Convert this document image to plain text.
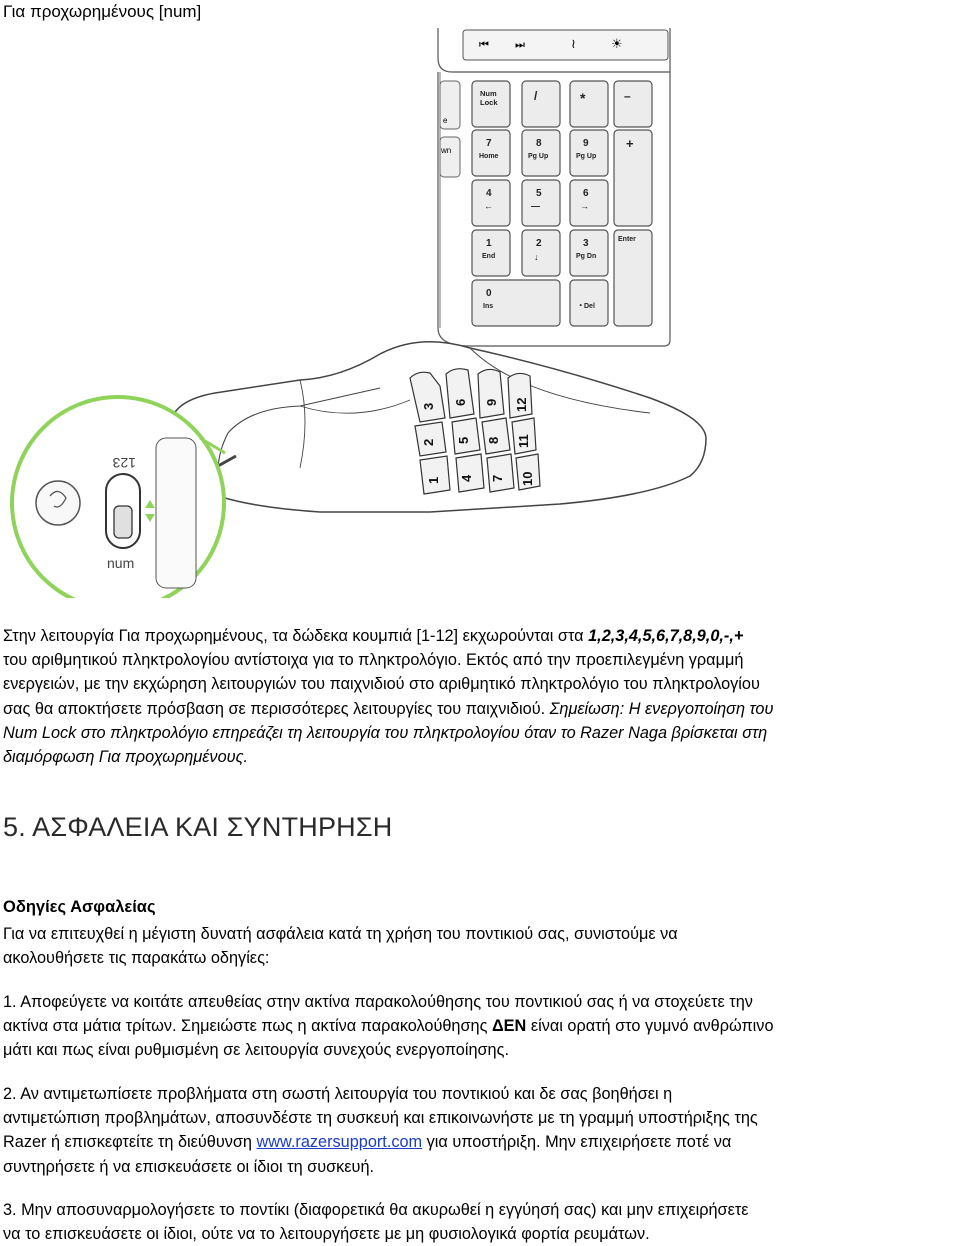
Για προχωρημένους [num]
⏮ ⏭	≀	☀
e
wn
Num
Lock	/	*	–
7
Home
8
Pg Up
9
Pg Up
+
4
←
5
—
6
→
1
End
2
↓
3
Pg Dn
Enter
0
Ins	. Del
1
2
3
4
5
6
7
8
9
10
11
12
123
num

Στην λειτουργία Για προχωρημένους, τα δώδεκα κουμπιά [1-12] εκχωρούνται στα 1,2,3,4,5,6,7,8,9,0,-,+
του αριθμητικού πληκτρολογίου αντίστοιχα για το πληκτρολόγιο. Εκτός από την προεπιλεγμένη γραμμή
ενεργειών, με την εκχώρηση λειτουργιών του παιχνιδιού στο αριθμητικό πληκτρολόγιο του πληκτρολογίου
σας θα αποκτήσετε πρόσβαση σε περισσότερες λειτουργίες του παιχνιδιού. Σημείωση: Η ενεργοποίηση του
Num Lock στο πληκτρολόγιο επηρεάζει τη λειτουργία του πληκτρολογίου όταν το Razer Naga βρίσκεται στη
διαμόρφωση Για προχωρημένους.

5. ΑΣΦΑΛΕΙΑ ΚΑΙ ΣΥΝΤΗΡΗΣΗ
Οδηγίες Ασφαλείας

Για να επιτευχθεί η μέγιστη δυνατή ασφάλεια κατά τη χρήση του ποντικιού σας, συνιστούμε να
ακολουθήσετε τις παρακάτω οδηγίες:

1. Αποφεύγετε να κοιτάτε απευθείας στην ακτίνα παρακολούθησης του ποντικιού σας ή να στοχεύετε την
ακτίνα στα μάτια τρίτων. Σημειώστε πως η ακτίνα παρακολούθησης ΔΕΝ είναι ορατή στο γυμνό ανθρώπινο
μάτι και πως είναι ρυθμισμένη σε λειτουργία συνεχούς ενεργοποίησης.

2. Αν αντιμετωπίσετε προβλήματα στη σωστή λειτουργία του ποντικιού και δε σας βοηθήσει η
αντιμετώπιση προβλημάτων, αποσυνδέστε τη συσκευή και επικοινωνήστε με τη γραμμή υποστήριξης της
Razer ή επισκεφτείτε τη διεύθυνση www.razersupport.com για υποστήριξη. Μην επιχειρήσετε ποτέ να
συντηρήσετε ή να επισκευάσετε οι ίδιοι τη συσκευή.

3. Μην αποσυναρμολογήσετε το ποντίκι (διαφορετικά θα ακυρωθεί η εγγύησή σας) και μην επιχειρήσετε
να το επισκευάσετε οι ίδιοι, ούτε να το λειτουργήσετε με μη φυσιολογικά φορτία ρευμάτων.
